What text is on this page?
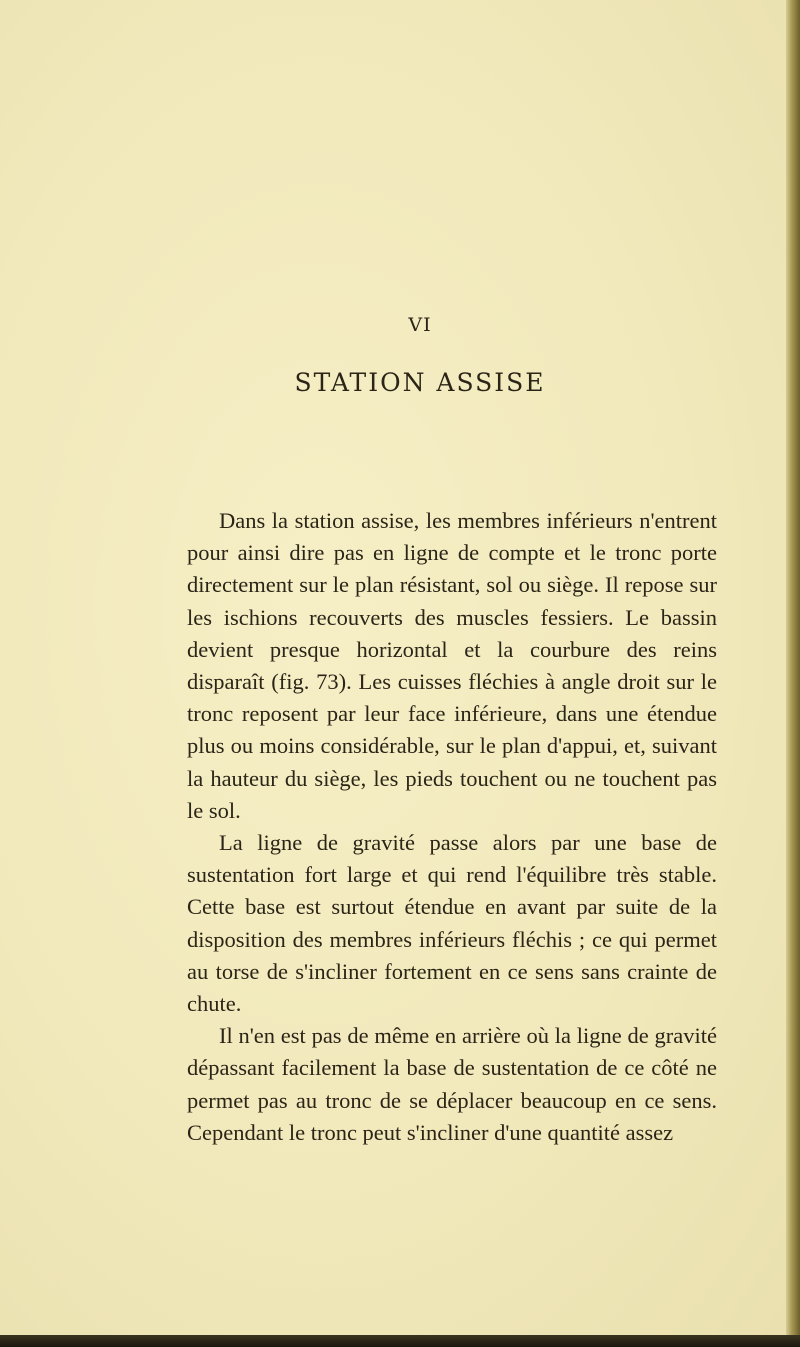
VI
STATION ASSISE

Dans la station assise, les membres inférieurs n'entrent pour ainsi dire pas en ligne de compte et le tronc porte directement sur le plan résistant, sol ou siège. Il repose sur les ischions recouverts des muscles fessiers. Le bassin devient presque horizontal et la courbure des reins disparaît (fig. 73). Les cuisses fléchies à angle droit sur le tronc reposent par leur face inférieure, dans une étendue plus ou moins considérable, sur le plan d'appui, et, suivant la hauteur du siège, les pieds touchent ou ne touchent pas le sol.

La ligne de gravité passe alors par une base de sustentation fort large et qui rend l'équilibre très stable. Cette base est surtout étendue en avant par suite de la disposition des membres inférieurs fléchis ; ce qui permet au torse de s'incliner fortement en ce sens sans crainte de chute.

Il n'en est pas de même en arrière où la ligne de gravité dépassant facilement la base de sustentation de ce côté ne permet pas au tronc de se déplacer beaucoup en ce sens. Cependant le tronc peut s'incliner d'une quantité assez
